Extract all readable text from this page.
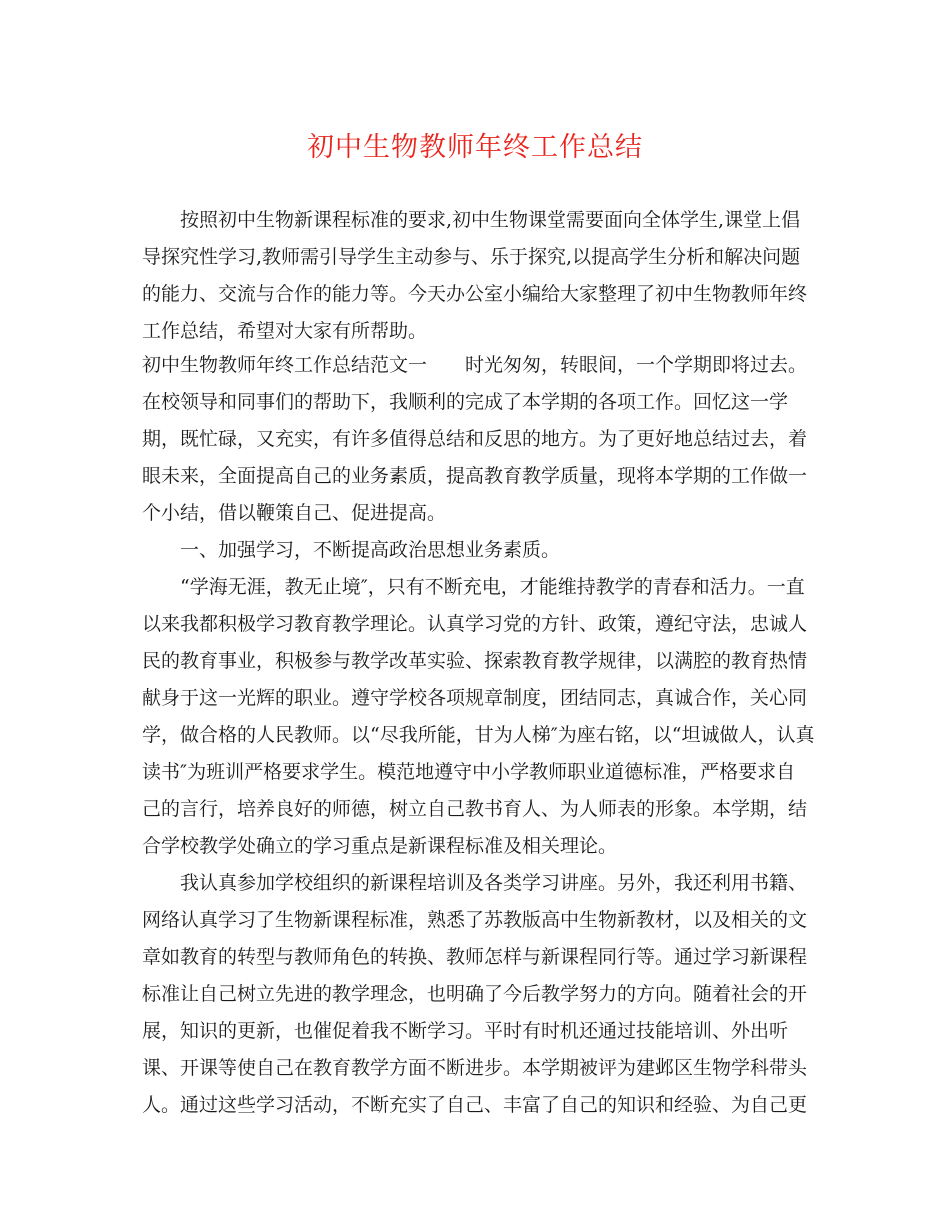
初中生物教师年终工作总结
按照初中生物新课程标准的要求,初中生物课堂需要面向全体学生,课堂上倡
导探究性学习,教师需引导学生主动参与、乐于探究,以提高学生分析和解决问题
的能力、交流与合作的能力等。今天办公室小编给大家整理了初中生物教师年终
工作总结，希望对大家有所帮助。
初中生物教师年终工作总结范文一　　时光匆匆，转眼间，一个学期即将过去。
在校领导和同事们的帮助下，我顺利的完成了本学期的各项工作。回忆这一学
期，既忙碌，又充实，有许多值得总结和反思的地方。为了更好地总结过去，着
眼未来，全面提高自己的业务素质，提高教育教学质量，现将本学期的工作做一
个小结，借以鞭策自己、促进提高。
一、加强学习，不断提高政治思想业务素质。
“学海无涯，教无止境″，只有不断充电，才能维持教学的青春和活力。一直
以来我都积极学习教育教学理论。认真学习党的方针、政策，遵纪守法，忠诚人
民的教育事业，积极参与教学改革实验、探索教育教学规律，以满腔的教育热情
献身于这一光辉的职业。遵守学校各项规章制度，团结同志，真诚合作，关心同
学，做合格的人民教师。以“尽我所能，甘为人梯″为座右铭，以“坦诚做人，认真
读书″为班训严格要求学生。模范地遵守中小学教师职业道德标准，严格要求自
己的言行，培养良好的师德，树立自己教书育人、为人师表的形象。本学期，结
合学校教学处确立的学习重点是新课程标准及相关理论。
我认真参加学校组织的新课程培训及各类学习讲座。另外，我还利用书籍、
网络认真学习了生物新课程标准，熟悉了苏教版高中生物新教材，以及相关的文
章如教育的转型与教师角色的转换、教师怎样与新课程同行等。通过学习新课程
标准让自己树立先进的教学理念，也明确了今后教学努力的方向。随着社会的开
展，知识的更新，也催促着我不断学习。平时有时机还通过技能培训、外出听
课、开课等使自己在教育教学方面不断进步。本学期被评为建邺区生物学科带头
人。通过这些学习活动，不断充实了自己、丰富了自己的知识和经验、为自己更
